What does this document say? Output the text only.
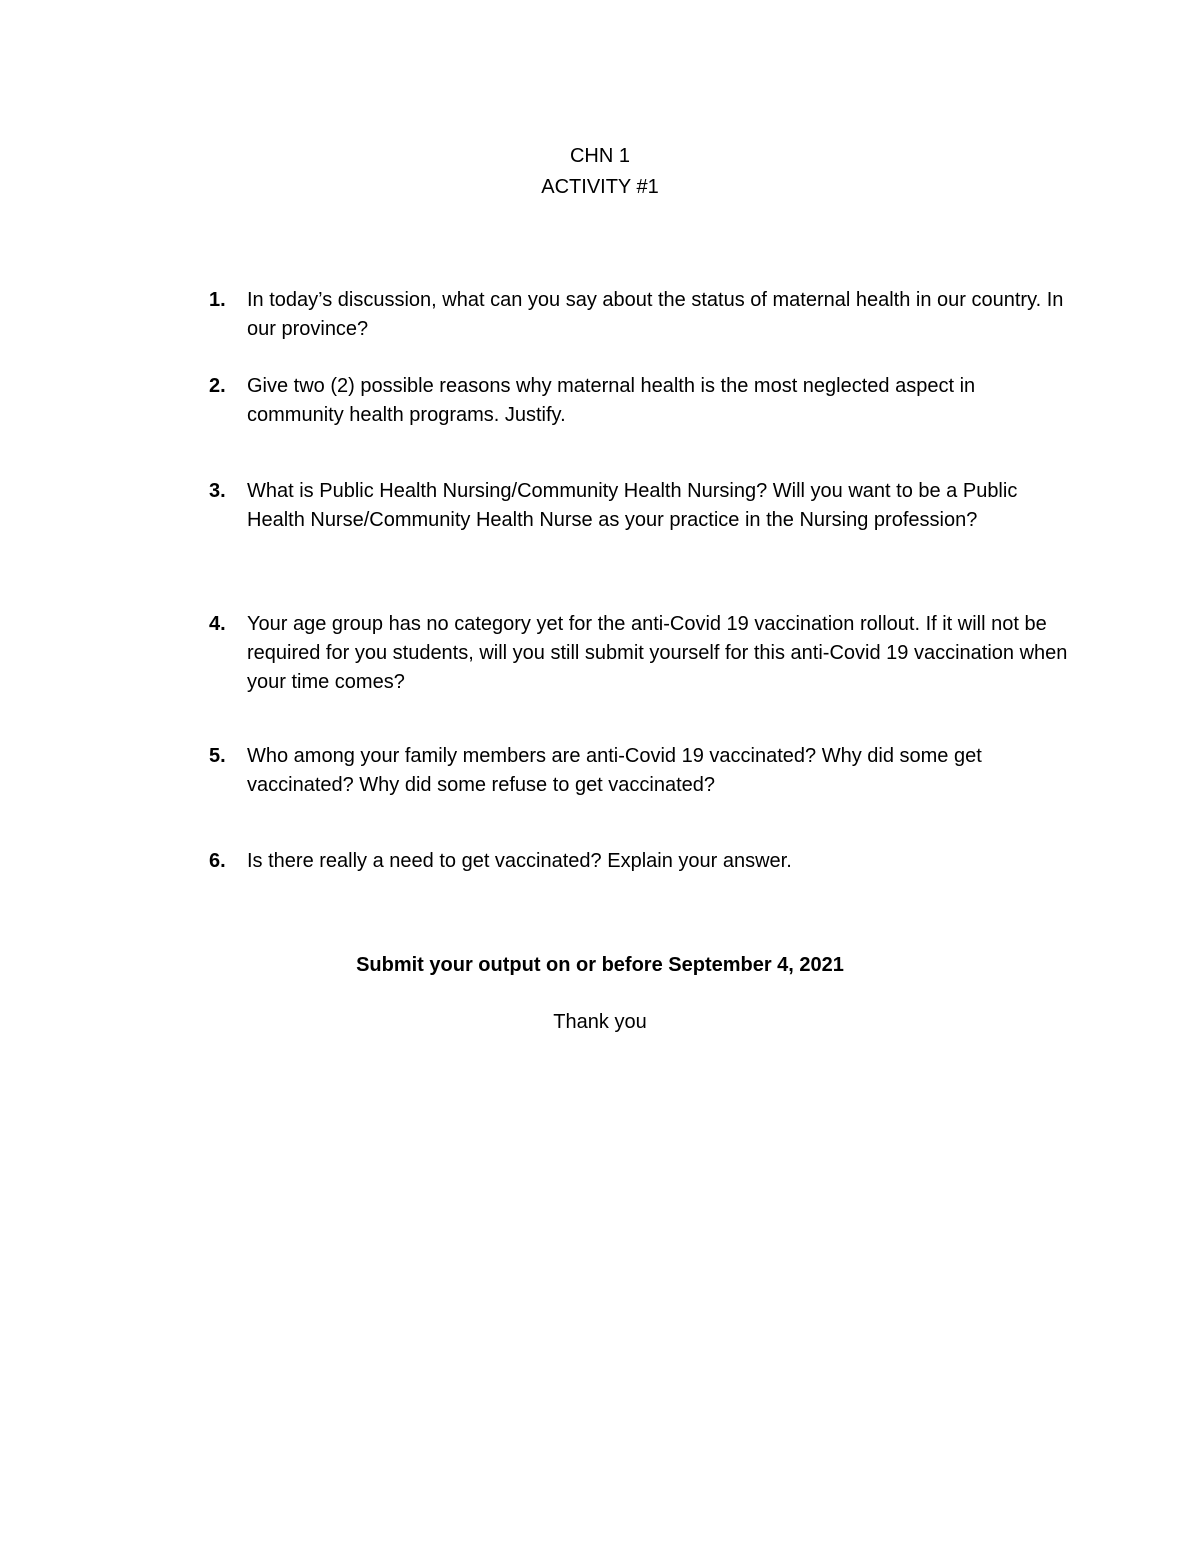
CHN 1
ACTIVITY #1
1. In today’s discussion, what can you say about the status of maternal health in our country. In our province?
2. Give two (2) possible reasons why maternal health is the most neglected aspect in community health programs. Justify.
3. What is Public Health Nursing/Community Health Nursing? Will you want to be a Public Health Nurse/Community Health Nurse as your practice in the Nursing profession?
4. Your age group has no category yet for the anti-Covid 19 vaccination rollout. If it will not be required for you students, will you still submit yourself for this anti-Covid 19 vaccination when your time comes?
5. Who among your family members are anti-Covid 19 vaccinated? Why did some get vaccinated? Why did some refuse to get vaccinated?
6. Is there really a need to get vaccinated? Explain your answer.
Submit your output on or before September 4, 2021
Thank you
